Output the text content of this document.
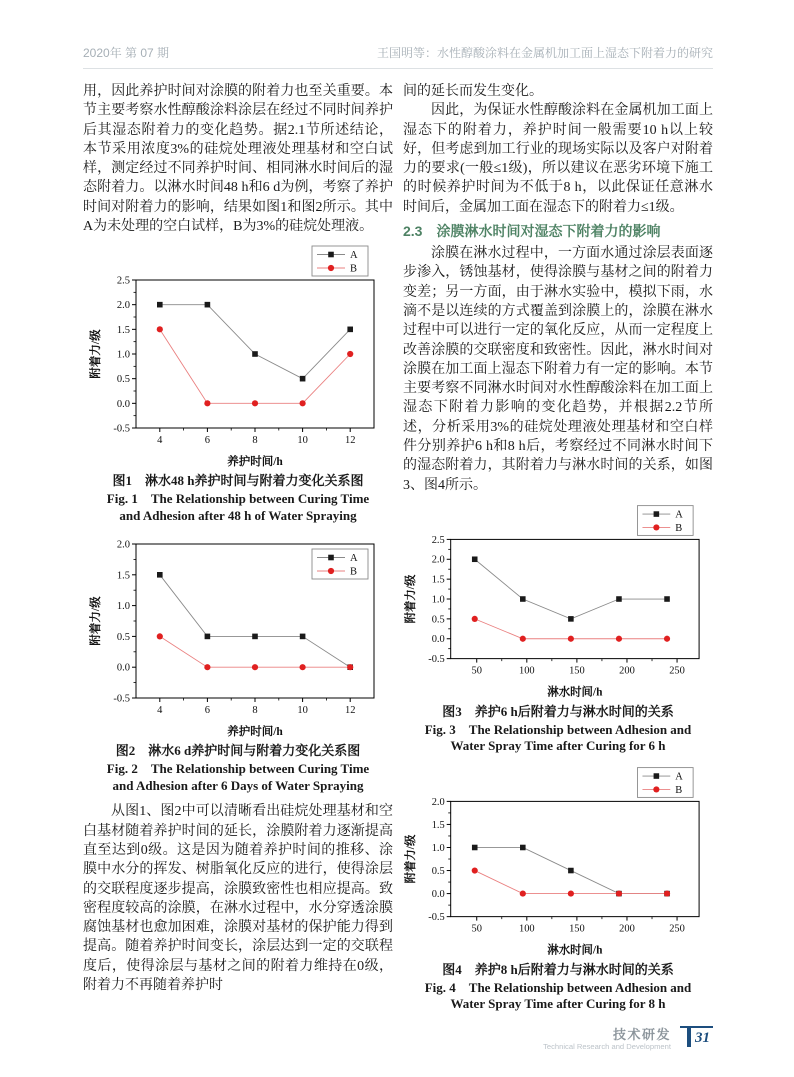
2020年 第 07 期	王国明等：水性醇酸涂料在金属机加工面上湿态下附着力的研究

用，因此养护时间对涂膜的附着力也至关重要。本节主要考察水性醇酸涂料涂层在经过不同时间养护后其湿态附着力的变化趋势。据2.1节所述结论，本节采用浓度3%的硅烷处理液处理基材和空白试样，测定经过不同养护时间、相同淋水时间后的湿态附着力。以淋水时间48 h和6 d为例，考察了养护时间对附着力的影响，结果如图1和图2所示。其中A为未处理的空白试样，B为3%的硅烷处理液。

-0.5
0.0
0.5
1.0
1.5
2.0
2.5
4	6	8	10	12
养护时间/h
附着力/级
A
B
图1　淋水48 h养护时间与附着力变化关系图
Fig. 1　The Relationship between Curing Time and Adhesion after 48 h of Water Spraying
-0.5
0.0
0.5
1.0
1.5
2.0
4	6	8	10	12
养护时间/h
附着力/级
A
B
图2　淋水6 d养护时间与附着力变化关系图
Fig. 2　The Relationship between Curing Time and Adhesion after 6 Days of Water Spraying

从图1、图2中可以清晰看出硅烷处理基材和空白基材随着养护时间的延长，涂膜附着力逐渐提高直至达到0级。这是因为随着养护时间的推移、涂膜中水分的挥发、树脂氧化反应的进行，使得涂层的交联程度逐步提高，涂膜致密性也相应提高。致密程度较高的涂膜，在淋水过程中，水分穿透涂膜腐蚀基材也愈加困难，涂膜对基材的保护能力得到提高。随着养护时间变长，涂层达到一定的交联程度后，使得涂层与基材之间的附着力维持在0级，附着力不再随着养护时

间的延长而发生变化。

因此，为保证水性醇酸涂料在金属机加工面上湿态下的附着力，养护时间一般需要10 h以上较好，但考虑到加工行业的现场实际以及客户对附着力的要求(一般≤1级)，所以建议在恶劣环境下施工的时候养护时间为不低于8 h，以此保证任意淋水时间后，金属加工面在湿态下的附着力≤1级。

2.3　涂膜淋水时间对湿态下附着力的影响

涂膜在淋水过程中，一方面水通过涂层表面逐步渗入，锈蚀基材，使得涂膜与基材之间的附着力变差；另一方面，由于淋水实验中，模拟下雨，水滴不是以连续的方式覆盖到涂膜上的，涂膜在淋水过程中可以进行一定的氧化反应，从而一定程度上改善涂膜的交联密度和致密性。因此，淋水时间对涂膜在加工面上湿态下附着力有一定的影响。本节主要考察不同淋水时间对水性醇酸涂料在加工面上湿态下附着力影响的变化趋势，并根据2.2节所述，分析采用3%的硅烷处理液处理基材和空白样件分别养护6 h和8 h后，考察经过不同淋水时间下的湿态附着力，其附着力与淋水时间的关系，如图3、图4所示。

-0.5
0.0
0.5
1.0
1.5
2.0
2.5
50	100	150	200	250
淋水时间/h
附着力/级
A
B
图3　养护6 h后附着力与淋水时间的关系
Fig. 3　The Relationship between Adhesion and Water Spray Time after Curing for 6 h
-0.5
0.0
0.5
1.0
1.5
2.0
50	100	150	200	250
淋水时间/h
附着力/级
A
B
图4　养护8 h后附着力与淋水时间的关系
Fig. 4　The Relationship between Adhesion and Water Spray Time after Curing for 8 h
技术研发
Technical Research and Development
31
